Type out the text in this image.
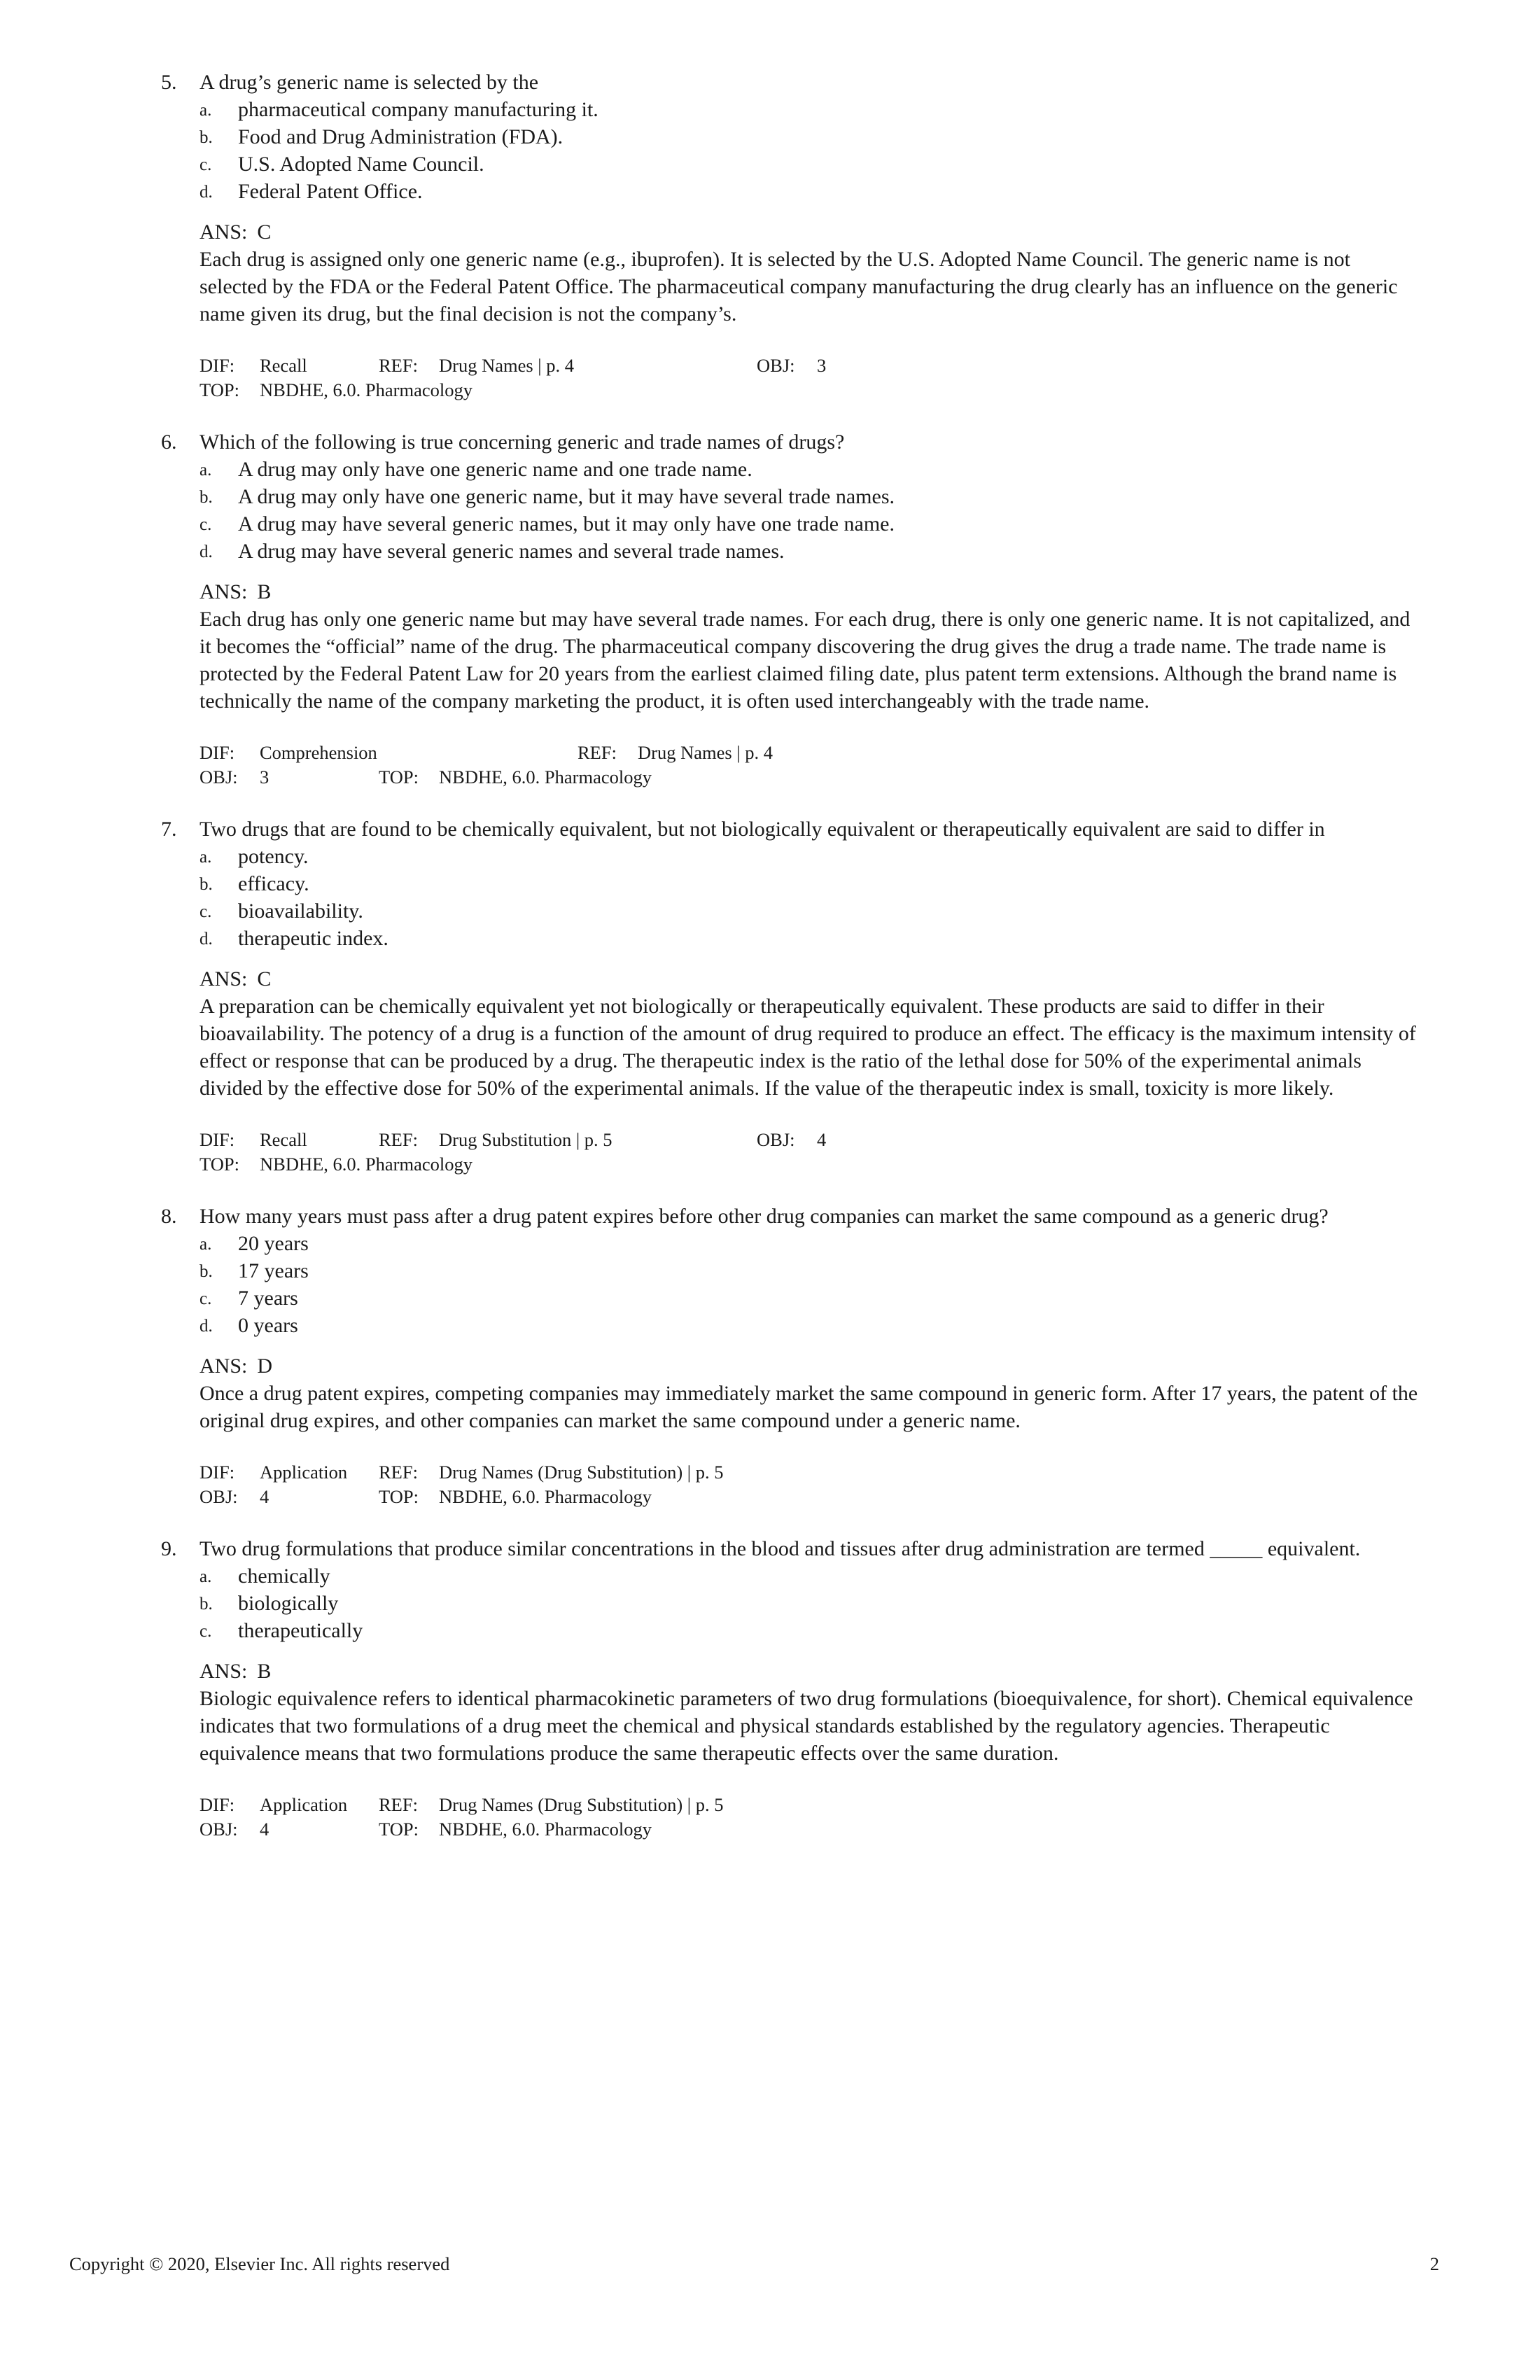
5. A drug’s generic name is selected by the

a. pharmaceutical company manufacturing it.
b. Food and Drug Administration (FDA).
c. U.S. Adopted Name Council.
d. Federal Patent Office.
ANS: C

Each drug is assigned only one generic name (e.g., ibuprofen). It is selected by the U.S. Adopted Name Council. The generic name is not selected by the FDA or the Federal Patent Office. The pharmaceutical company manufacturing the drug clearly has an influence on the generic name given its drug, but the final decision is not the company’s.

DIF:	Recall	REF:	Drug Names | p. 4	OBJ:	3
TOP:	NBDHE, 6.0. Pharmacology
6. Which of the following is true concerning generic and trade names of drugs?

a. A drug may only have one generic name and one trade name.
b. A drug may only have one generic name, but it may have several trade names.
c. A drug may have several generic names, but it may only have one trade name.
d. A drug may have several generic names and several trade names.
ANS: B

Each drug has only one generic name but may have several trade names. For each drug, there is only one generic name. It is not capitalized, and it becomes the “official” name of the drug. The pharmaceutical company discovering the drug gives the drug a trade name. The trade name is protected by the Federal Patent Law for 20 years from the earliest claimed filing date, plus patent term extensions. Although the brand name is technically the name of the company marketing the product, it is often used interchangeably with the trade name.

DIF:	Comprehension	REF:	Drug Names | p. 4
OBJ:	3	TOP:	NBDHE, 6.0. Pharmacology
7. Two drugs that are found to be chemically equivalent, but not biologically equivalent or therapeutically equivalent are said to differ in

a. potency.
b. efficacy.
c. bioavailability.
d. therapeutic index.
ANS: C

A preparation can be chemically equivalent yet not biologically or therapeutically equivalent. These products are said to differ in their bioavailability. The potency of a drug is a function of the amount of drug required to produce an effect. The efficacy is the maximum intensity of effect or response that can be produced by a drug. The therapeutic index is the ratio of the lethal dose for 50% of the experimental animals divided by the effective dose for 50% of the experimental animals. If the value of the therapeutic index is small, toxicity is more likely.

DIF:	Recall	REF:	Drug Substitution | p. 5	OBJ:	4
TOP:	NBDHE, 6.0. Pharmacology
8. How many years must pass after a drug patent expires before other drug companies can market the same compound as a generic drug?

a. 20 years
b. 17 years
c. 7 years
d. 0 years
ANS: D

Once a drug patent expires, competing companies may immediately market the same compound in generic form. After 17 years, the patent of the original drug expires, and other companies can market the same compound under a generic name.

DIF:	Application REF:	Drug Names (Drug Substitution) | p. 5
OBJ:	4	TOP:	NBDHE, 6.0. Pharmacology
9. Two drug formulations that produce similar concentrations in the blood and tissues after drug administration are termed _____ equivalent.

a. chemically
b. biologically
c. therapeutically
ANS: B

Biologic equivalence refers to identical pharmacokinetic parameters of two drug formulations (bioequivalence, for short). Chemical equivalence indicates that two formulations of a drug meet the chemical and physical standards established by the regulatory agencies. Therapeutic equivalence means that two formulations produce the same therapeutic effects over the same duration.

DIF:	Application REF:	Drug Names (Drug Substitution) | p. 5
OBJ:	4	TOP:	NBDHE, 6.0. Pharmacology
Copyright © 2020, Elsevier Inc. All rights reserved	2
